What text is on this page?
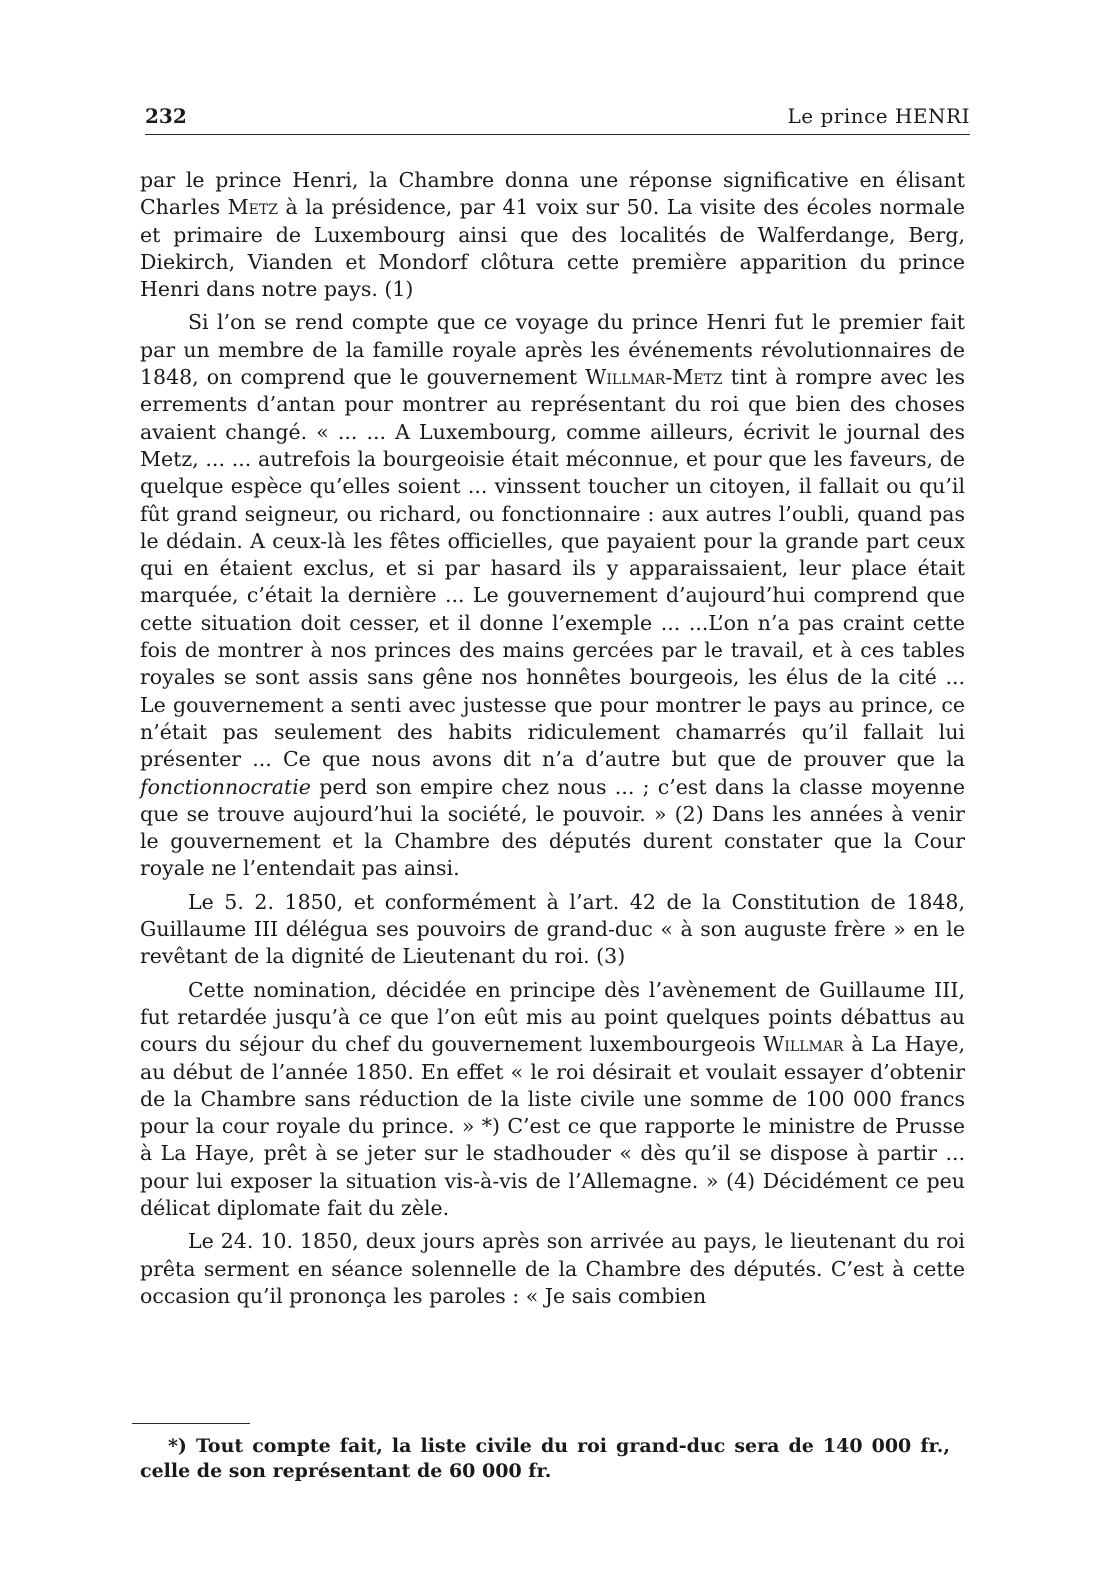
232	Le prince HENRI

par le prince Henri, la Chambre donna une réponse significative en élisant Charles Metz à la présidence, par 41 voix sur 50. La visite des écoles normale et primaire de Luxembourg ainsi que des localités de Walferdange, Berg, Diekirch, Vianden et Mondorf clôtura cette première apparition du prince Henri dans notre pays. (1)

Si l’on se rend compte que ce voyage du prince Henri fut le premier fait par un membre de la famille royale après les événements révolutionnaires de 1848, on comprend que le gouvernement Willmar-Metz tint à rompre avec les errements d’antan pour montrer au représentant du roi que bien des choses avaient changé. « ... ... A Luxembourg, comme ailleurs, écrivit le journal des Metz, ... ... autrefois la bourgeoisie était méconnue, et pour que les faveurs, de quelque espèce qu’elles soient ... vinssent toucher un citoyen, il fallait ou qu’il fût grand seigneur, ou richard, ou fonctionnaire : aux autres l’oubli, quand pas le dédain. A ceux-là les fêtes officielles, que payaient pour la grande part ceux qui en étaient exclus, et si par hasard ils y apparaissaient, leur place était marquée, c’était la dernière ... Le gouvernement d’aujourd’hui comprend que cette situation doit cesser, et il donne l’exemple ... ...L’on n’a pas craint cette fois de montrer à nos princes des mains gercées par le travail, et à ces tables royales se sont assis sans gêne nos honnêtes bourgeois, les élus de la cité ... Le gouvernement a senti avec justesse que pour montrer le pays au prince, ce n’était pas seulement des habits ridiculement chamarrés qu’il fallait lui présenter ... Ce que nous avons dit n’a d’autre but que de prouver que la fonctionnocratie perd son empire chez nous ... ; c’est dans la classe moyenne que se trouve aujourd’hui la société, le pouvoir. » (2) Dans les années à venir le gouvernement et la Chambre des députés durent constater que la Cour royale ne l’entendait pas ainsi.

Le 5. 2. 1850, et conformément à l’art. 42 de la Constitution de 1848, Guillaume III délégua ses pouvoirs de grand-duc « à son auguste frère » en le revêtant de la dignité de Lieutenant du roi. (3)

Cette nomination, décidée en principe dès l’avènement de Guillaume III, fut retardée jusqu’à ce que l’on eût mis au point quelques points débattus au cours du séjour du chef du gouvernement luxembourgeois Willmar à La Haye, au début de l’année 1850. En effet « le roi désirait et voulait essayer d’obtenir de la Chambre sans réduction de la liste civile une somme de 100 000 francs pour la cour royale du prince. » *) C’est ce que rapporte le ministre de Prusse à La Haye, prêt à se jeter sur le stadhouder « dès qu’il se dispose à partir ... pour lui exposer la situation vis-à-vis de l’Allemagne. » (4) Décidément ce peu délicat diplomate fait du zèle.

Le 24. 10. 1850, deux jours après son arrivée au pays, le lieutenant du roi prêta serment en séance solennelle de la Chambre des députés. C’est à cette occasion qu’il prononça les paroles : « Je sais combien

*) Tout compte fait, la liste civile du roi grand-duc sera de 140 000 fr., celle de son représentant de 60 000 fr.
